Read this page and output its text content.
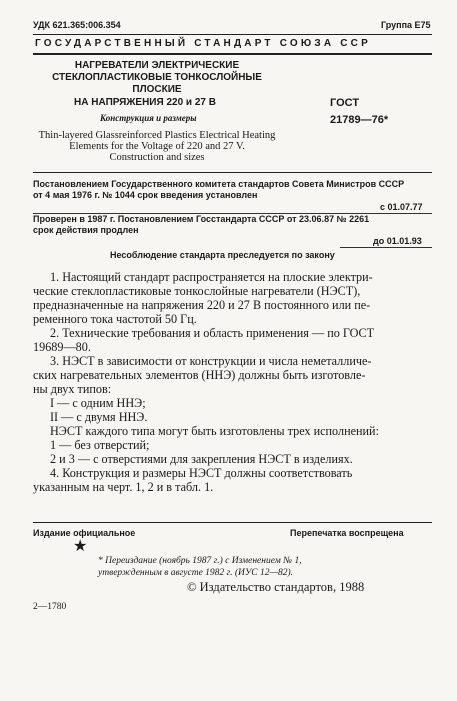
УДК 621.365:006.354	Группа Е75
ГОСУДАРСТВЕННЫЙ СТАНДАРТ СОЮЗА ССР
НАГРЕВАТЕЛИ ЭЛЕКТРИЧЕСКИЕ
СТЕКЛОПЛАСТИКОВЫЕ ТОНКОСЛОЙНЫЕ
ПЛОСКИЕ
НА НАПРЯЖЕНИЯ 220 и 27 В
Конструкция и размеры
Thin-layered Glassreinforced Plastics Electrical Heating
Elements for the Voltage of 220 and 27 V.
Construction and sizes
ГОСТ
21789—76*
Постановлением Государственного комитета стандартов Совета Министров СССР
от 4 мая 1976 г. № 1044 срок введения установлен
с 01.07.77
Проверен в 1987 г. Постановлением Госстандарта СССР от 23.06.87 № 2261
срок действия продлен
до 01.01.93
Несоблюдение стандарта преследуется по закону
1. Настоящий стандарт распространяется на плоские электри-
ческие стеклопластиковые тонкослойные нагреватели (НЭСТ),
предназначенные на напряжения 220 и 27 В постоянного или пе-
ременного тока частотой 50 Гц.
2. Технические требования и область применения — по ГОСТ
19689—80.
3. НЭСТ в зависимости от конструкции и числа неметалличе-
ских нагревательных элементов (ННЭ) должны быть изготовле-
ны двух типов:
I — с одним ННЭ;
II — с двумя ННЭ.
НЭСТ каждого типа могут быть изготовлены трех исполнений:
1 — без отверстий;
2 и 3 — с отверстиями для закрепления НЭСТ в изделиях.
4. Конструкция и размеры НЭСТ должны соответствовать
указанным на черт. 1, 2 и в табл. 1.
Издание официальное	Перепечатка воспрещена
★
* Переиздание (ноябрь 1987 г.) с Изменением № 1,
утвержденным в августе 1982 г. (ИУС 12—82).
© Издательство стандартов, 1988
2—1780
